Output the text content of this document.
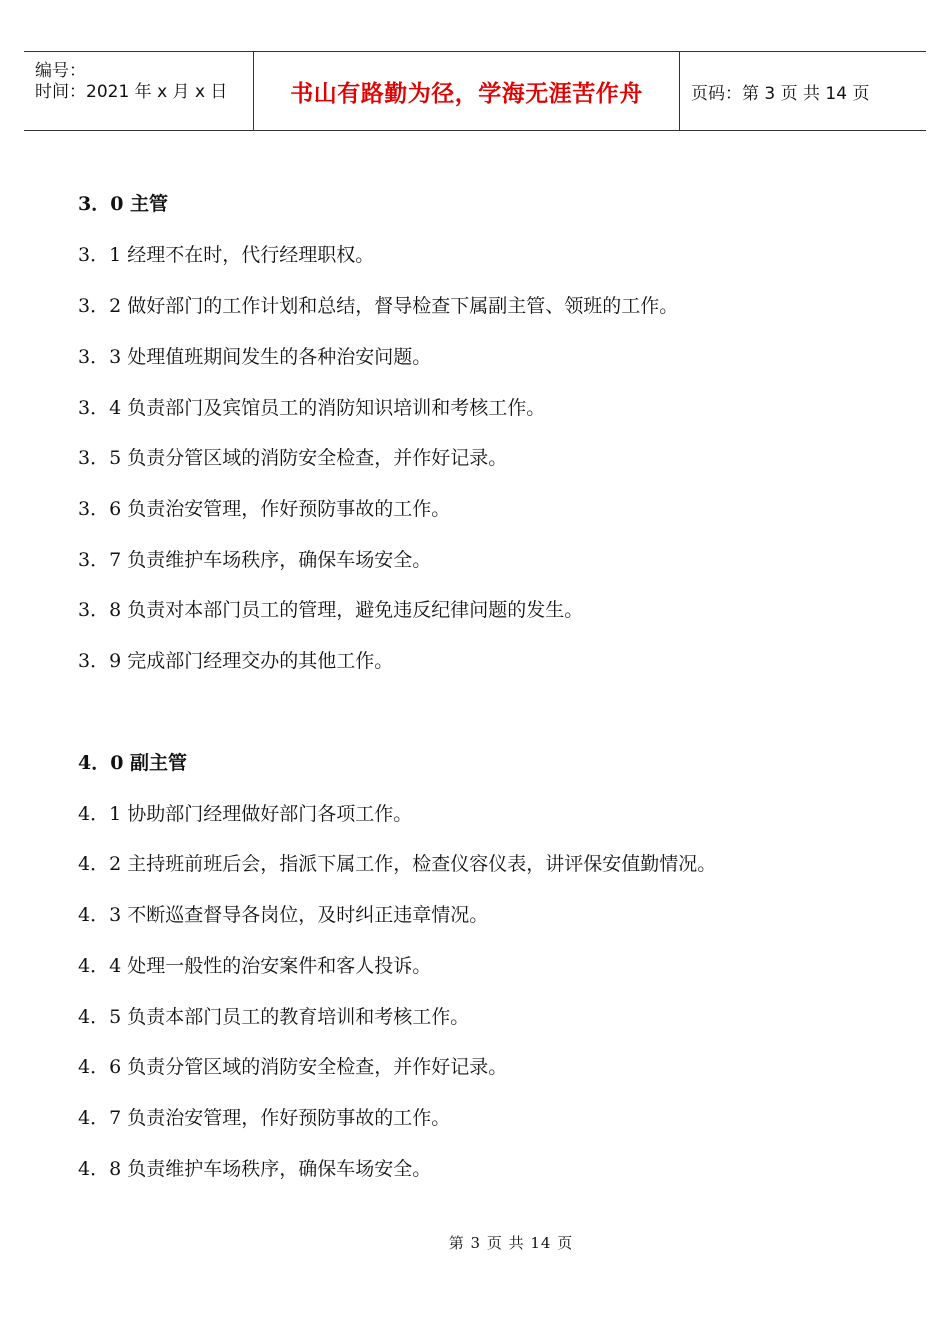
编号：
时间：2021 年 x 月 x 日	书山有路勤为径，学海无涯苦作舟	页码：第 3 页 共 14 页
3．0 主管
3．1 经理不在时，代行经理职权。
3．2 做好部门的工作计划和总结，督导检查下属副主管、领班的工作。
3．3 处理值班期间发生的各种治安问题。
3．4 负责部门及宾馆员工的消防知识培训和考核工作。
3．5 负责分管区域的消防安全检查，并作好记录。
3．6 负责治安管理，作好预防事故的工作。
3．7 负责维护车场秩序，确保车场安全。
3．8 负责对本部门员工的管理，避免违反纪律问题的发生。
3．9 完成部门经理交办的其他工作。
4．0 副主管
4．1 协助部门经理做好部门各项工作。
4．2 主持班前班后会，指派下属工作，检查仪容仪表，讲评保安值勤情况。
4．3 不断巡查督导各岗位，及时纠正违章情况。
4．4 处理一般性的治安案件和客人投诉。
4．5 负责本部门员工的教育培训和考核工作。
4．6 负责分管区域的消防安全检查，并作好记录。
4．7 负责治安管理，作好预防事故的工作。
4．8 负责维护车场秩序，确保车场安全。
第 3 页 共 14 页
